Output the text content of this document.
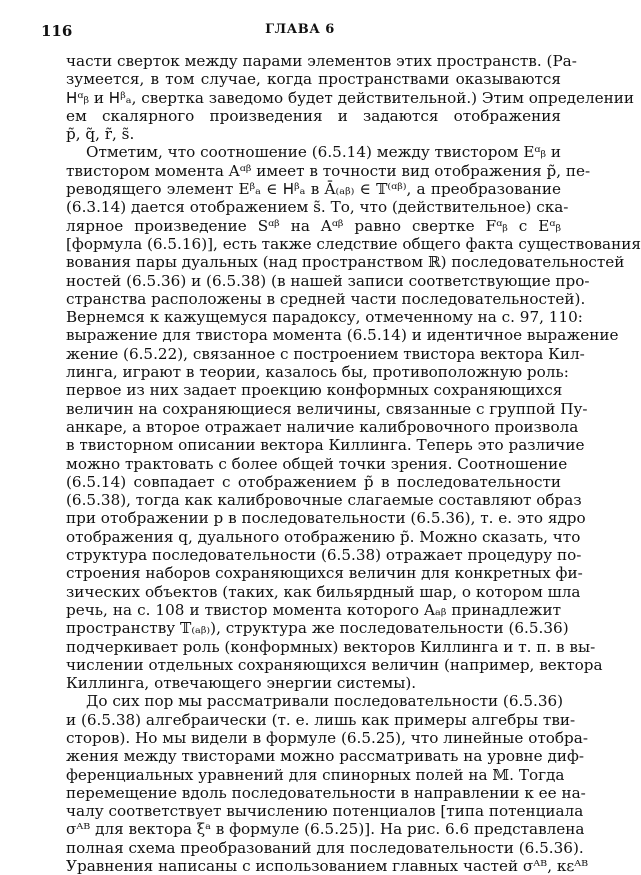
116	ГЛАВА 6
части сверток между парами элементов этих пространств. (Ра-
зумеется, в том случае, когда пространствами оказываются
𝖧ᵅᵦ и 𝖧ᵝₐ, свертка заведомо будет действительной.) Этим определении
ем скалярного произведения и задаются отображения
p̃, q̃, r̃, s̃.
Отметим, что соотношение (6.5.14) между твистором Eᵅᵦ и
твистором момента Aᵅᵝ имеет в точности вид отображения p̃, пе-
реводящего элемент Eᵝₐ ∈ 𝖧ᵝₐ в Ā₍ₐᵦ₎ ∈ 𝕋⁽ᵅᵝ⁾, а преобразование
(6.3.14) дается отображением s̃. То, что (действительное) ска-
лярное произведение Sᵅᵝ на Aᵅᵝ равно свертке Fᵅᵦ с Eᵅᵦ
[формула (6.5.16)], есть также следствие общего факта существования
вования пары дуальных (над пространством ℝ) последовательностей
ностей (6.5.36) и (6.5.38) (в нашей записи соответствующие про-
странства расположены в средней части последовательностей).
Вернемся к кажущемуся парадоксу, отмеченному на с. 97, 110:
выражение для твистора момента (6.5.14) и идентичное выражение
жение (6.5.22), связанное с построением твистора вектора Кил-
линга, играют в теории, казалось бы, противоположную роль:
первое из них задает проекцию конформных сохраняющихся
величин на сохраняющиеся величины, связанные с группой Пу-
анкаре, а второе отражает наличие калибровочного произвола
в твисторном описании вектора Киллинга. Теперь это различие
можно трактовать с более общей точки зрения. Соотношение
(6.5.14) совпадает с отображением p̃ в последовательности
(6.5.38), тогда как калибровочные слагаемые составляют образ
при отображении p в последовательности (6.5.36), т. е. это ядро
отображения q, дуального отображению p̃. Можно сказать, что
структура последовательности (6.5.38) отражает процедуру по-
строения наборов сохраняющихся величин для конкретных фи-
зических объектов (таких, как бильярдный шар, о котором шла
речь, на с. 108 и твистор момента которого Aₐᵦ принадлежит
пространству 𝕋₍ₐᵦ₎), структура же последовательности (6.5.36)
подчеркивает роль (конформных) векторов Киллинга и т. п. в вы-
числении отдельных сохраняющихся величин (например, вектора
Киллинга, отвечающего энергии системы).
До сих пор мы рассматривали последовательности (6.5.36)
и (6.5.38) алгебраически (т. е. лишь как примеры алгебры тви-
сторов). Но мы видели в формуле (6.5.25), что линейные отобра-
жения между твисторами можно рассматривать на уровне диф-
ференциальных уравнений для спинорных полей на 𝕄. Тогда
перемещение вдоль последовательности в направлении к ее на-
чалу соответствует вычислению потенциалов [типа потенциала
σᴬᴮ для вектора ξᵃ в формуле (6.5.25)]. На рис. 6.6 представлена
полная схема преобразований для последовательности (6.5.36).
Уравнения написаны с использованием главных частей σᴬᴮ, κεᴬᴮ
